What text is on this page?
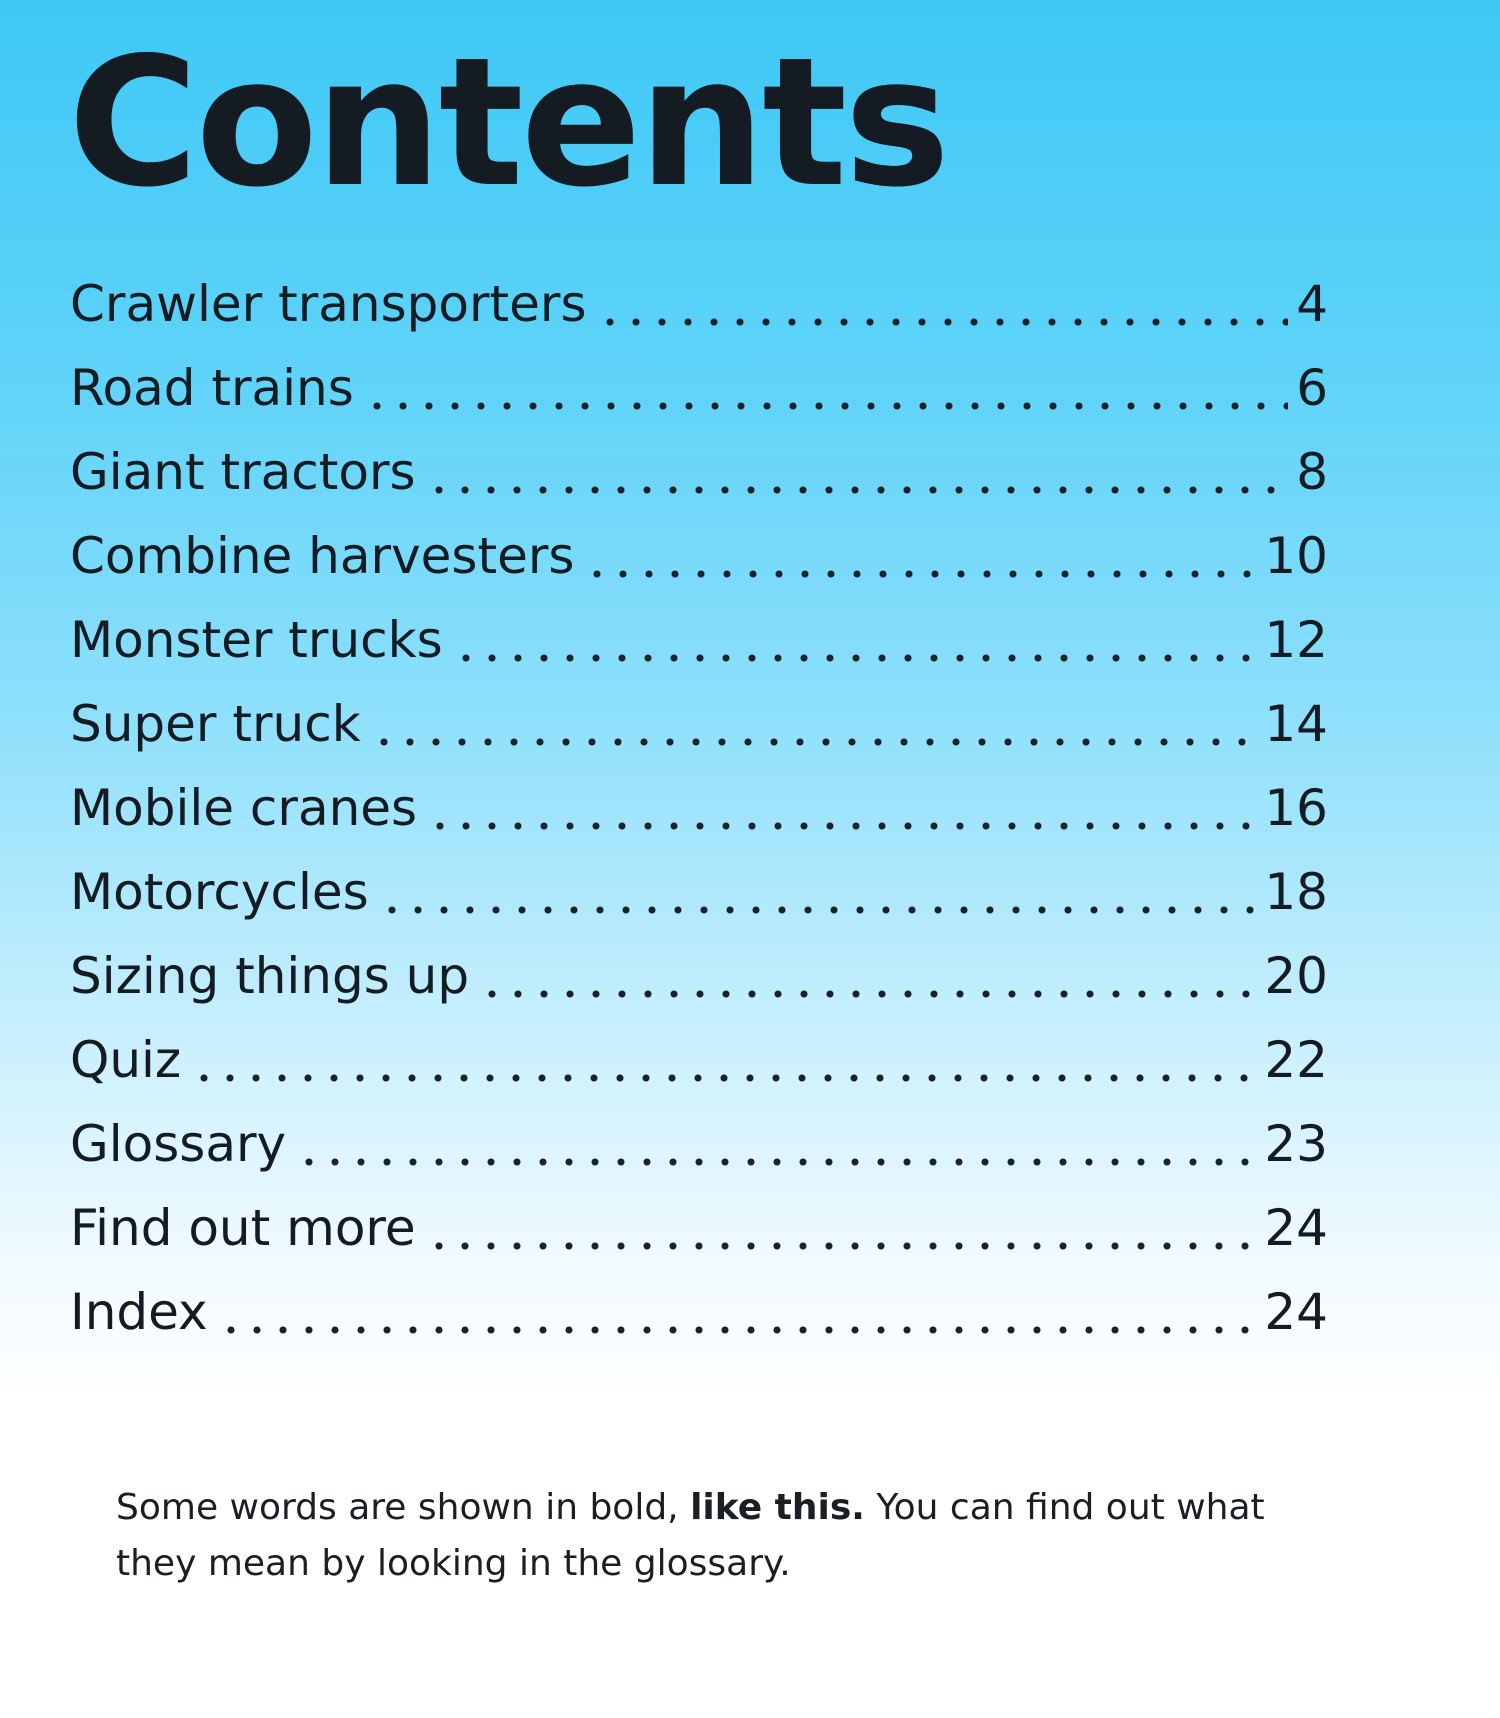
Contents
Crawler transporters	4
Road trains	6
Giant tractors	8
Combine harvesters	10
Monster trucks	12
Super truck	14
Mobile cranes	16
Motorcycles	18
Sizing things up	20
Quiz	22
Glossary	23
Find out more	24
Index	24

Some words are shown in bold, like this. You can find out what they mean by looking in the glossary.
